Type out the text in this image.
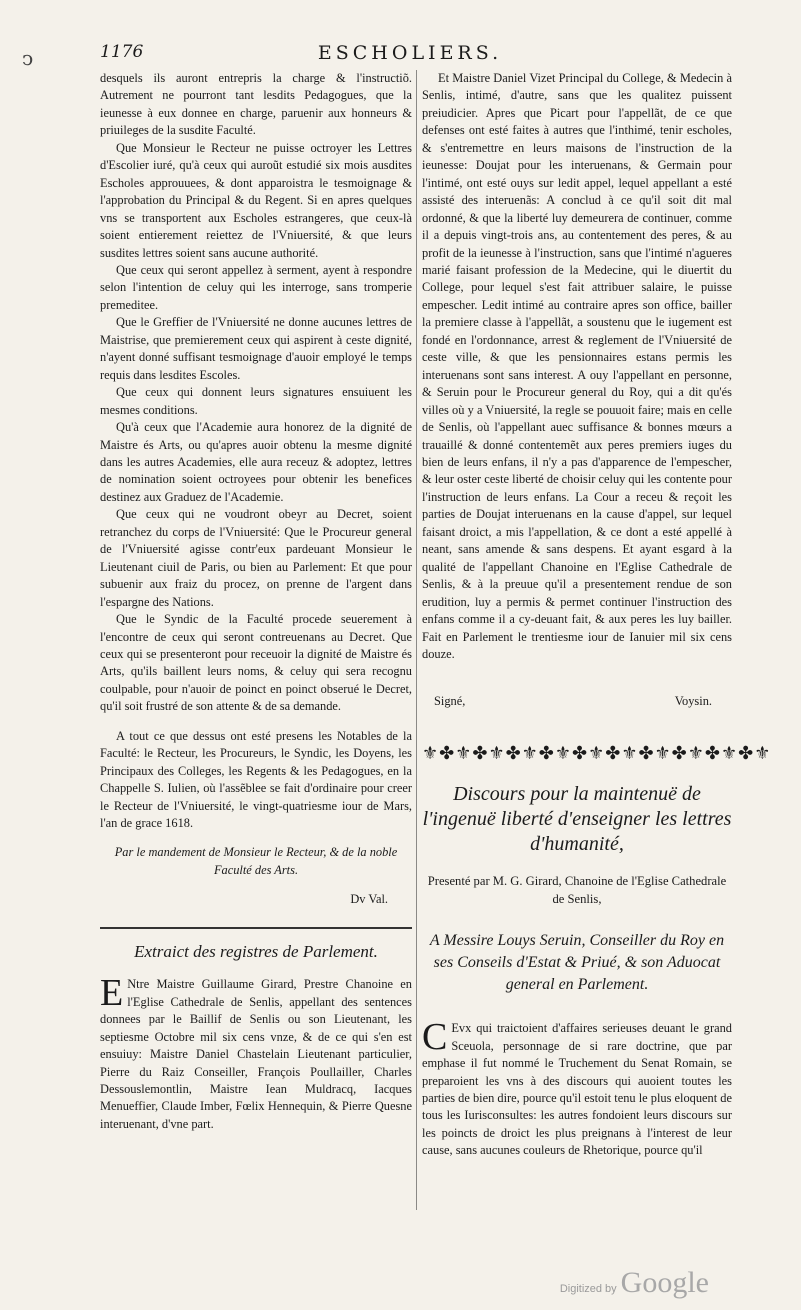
ↄ	1176	ESCHOLIERS.

desquels ils auront entrepris la charge & l'instructiõ. Autrement ne pourront tant lesdits Pedagogues, que la ieunesse à eux donnee en charge, paruenir aux honneurs & priuileges de la susdite Faculté.

Que Monsieur le Recteur ne puisse octroyer les Lettres d'Escolier iuré, qu'à ceux qui auroũt estudié six mois ausdites Escholes approuuees, & dont apparoistra le tesmoignage & l'approbation du Principal & du Regent. Si en apres quelques vns se transportent aux Escholes estrangeres, que ceux-là soient entierement reiettez de l'Vniuersité, & que leurs susdites lettres soient sans aucune authorité.

Que ceux qui seront appellez à serment, ayent à respondre selon l'intention de celuy qui les interroge, sans tromperie premeditee.

Que le Greffier de l'Vniuersité ne donne aucunes lettres de Maistrise, que premierement ceux qui aspirent à ceste dignité, n'ayent donné suffisant tesmoignage d'auoir employé le temps requis dans lesdites Escoles.

Que ceux qui donnent leurs signatures ensuiuent les mesmes conditions.

Qu'à ceux que l'Academie aura honorez de la dignité de Maistre és Arts, ou qu'apres auoir obtenu la mesme dignité dans les autres Academies, elle aura receuz & adoptez, lettres de nomination soient octroyees pour obtenir les benefices destinez aux Graduez de l'Academie.

Que ceux qui ne voudront obeyr au Decret, soient retranchez du corps de l'Vniuersité: Que le Procureur general de l'Vniuersité agisse contr'eux pardeuant Monsieur le Lieutenant ciuil de Paris, ou bien au Parlement: Et que pour subuenir aux fraiz du procez, on prenne de l'argent dans l'espargne des Nations.

Que le Syndic de la Faculté procede seuerement à l'encontre de ceux qui seront contreuenans au Decret. Que ceux qui se presenteront pour receuoir la dignité de Maistre és Arts, qu'ils baillent leurs noms, & celuy qui sera recognu coulpable, pour n'auoir de poinct en poinct obserué le Decret, qu'il soit frustré de son attente & de sa demande.

A tout ce que dessus ont esté presens les Notables de la Faculté: le Recteur, les Procureurs, le Syndic, les Doyens, les Principaux des Colleges, les Regents & les Pedagogues, en la Chappelle S. Iulien, où l'assẽblee se fait d'ordinaire pour creer le Recteur de l'Vniuersité, le vingt-quatriesme iour de Mars, l'an de grace 1618.

Par le mandement de Monsieur le Recteur, & de la noble Faculté des Arts.

Dv Val.

Extraict des registres de Parlement.

ENtre Maistre Guillaume Girard, Prestre Chanoine en l'Eglise Cathedrale de Senlis, appellant des sentences donnees par le Baillif de Senlis ou son Lieutenant, les septiesme Octobre mil six cens vnze, & de ce qui s'en est ensuiuy: Maistre Daniel Chastelain Lieutenant particulier, Pierre du Raiz Conseiller, François Poullailler, Charles Dessouslemontlin, Maistre Iean Muldracq, Iacques Menueffier, Claude Imber, Fœlix Hennequin, & Pierre Quesne interuenant, d'vne part.

Et Maistre Daniel Vizet Principal du College, & Medecin à Senlis, intimé, d'autre, sans que les qualitez puissent preiudicier. Apres que Picart pour l'appellãt, de ce que defenses ont esté faites à autres que l'inthimé, tenir escholes, & s'entremettre en leurs maisons de l'instruction de la ieunesse: Doujat pour les interuenans, & Germain pour l'intimé, ont esté ouys sur ledit appel, lequel appellant a esté assisté des interuenãs: A conclud à ce qu'il soit dit mal ordonné, & que la liberté luy demeurera de continuer, comme il a depuis vingt-trois ans, au contentement des peres, & au profit de la ieunesse à l'instruction, sans que l'intimé n'agueres marié faisant profession de la Medecine, qui le diuertit du College, pour lequel s'est fait attribuer salaire, le puisse empescher. Ledit intimé au contraire apres son office, bailler la premiere classe à l'appellãt, a soustenu que le iugement est fondé en l'ordonnance, arrest & reglement de l'Vniuersité de ceste ville, & que les pensionnaires estans permis les interuenans sont sans interest. A ouy l'appellant en personne, & Seruin pour le Procureur general du Roy, qui a dit qu'és villes où y a Vniuersité, la regle se pouuoit faire; mais en celle de Senlis, où l'appellant auec suffisance & bonnes mœurs a trauaillé & donné contentemẽt aux peres premiers iuges du bien de leurs enfans, il n'y a pas d'apparence de l'empescher, & leur oster ceste liberté de choisir celuy qui les contente pour l'instruction de leurs enfans. La Cour a receu & reçoit les parties de Doujat interuenans en la cause d'appel, sur lequel faisant droict, a mis l'appellation, & ce dont a esté appellé à neant, sans amende & sans despens. Et ayant esgard à la qualité de l'appellant Chanoine en l'Eglise Cathedrale de Senlis, & à la preuue qu'il a presentement rendue de son erudition, luy a permis & permet continuer l'instruction des enfans comme il a cy-deuant fait, & aux peres les luy bailler. Fait en Parlement le trentiesme iour de Ianuier mil six cens douze.

Signé,	Voysin.
⚜✤⚜✤⚜✤⚜✤⚜✤⚜✤⚜✤⚜✤⚜✤⚜✤⚜

Discours pour la maintenuë de l'ingenuë liberté d'enseigner les lettres d'humanité,

Presenté par M. G. Girard, Chanoine de l'Eglise Cathedrale de Senlis,

A Messire Louys Seruin, Conseiller du Roy en ses Conseils d'Estat & Priué, & son Aduocat general en Parlement.

CEvx qui traictoient d'affaires serieuses deuant le grand Sceuola, personnage de si rare doctrine, que par emphase il fut nommé le Truchement du Senat Romain, se preparoient les vns à des discours qui auoient toutes les parties de bien dire, pource qu'il estoit tenu le plus eloquent de tous les Iurisconsultes: les autres fondoient leurs discours sur les poincts de droict les plus preignans à l'interest de leur cause, sans aucunes couleurs de Rhetorique, pource qu'il

Digitized by Google
